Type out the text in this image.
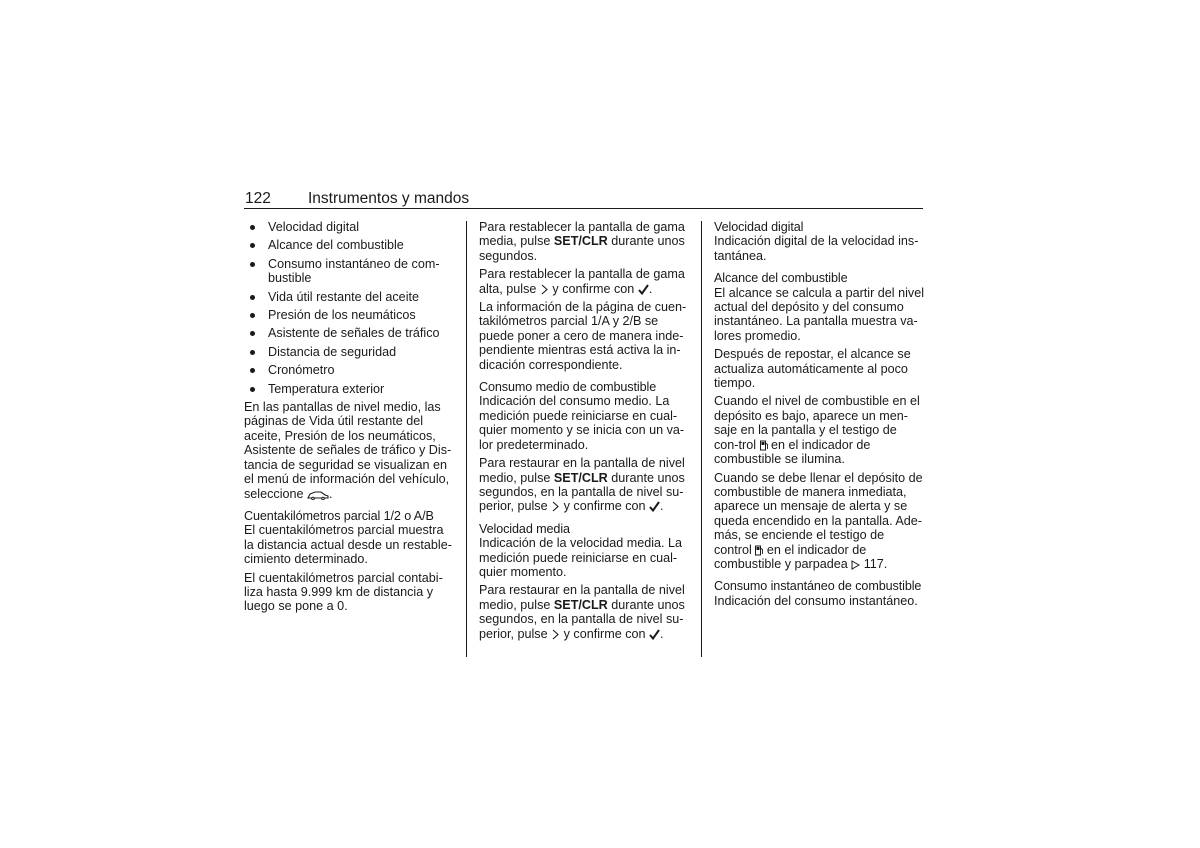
122 Instrumentos y mandos
Velocidad digital
Alcance del combustible
Consumo instantáneo de com-
bustible
Vida útil restante del aceite
Presión de los neumáticos
Asistente de señales de tráfico
Distancia de seguridad
Cronómetro
Temperatura exterior

En las pantallas de nivel medio, las páginas de Vida útil restante del aceite, Presión de los neumáticos, Asistente de señales de tráfico y Dis-tancia de seguridad se visualizan en el menú de información del vehículo, seleccione .

Cuentakilómetros parcial 1/2 o A/B

El cuentakilómetros parcial muestra la distancia actual desde un restable-cimiento determinado.

El cuentakilómetros parcial contabi-liza hasta 9.999 km de distancia y luego se pone a 0.

Para restablecer la pantalla de gama media, pulse SET/CLR durante unos segundos.

Para restablecer la pantalla de gama alta, pulse y confirme con .

La información de la página de cuen-takilómetros parcial 1/A y 2/B se puede poner a cero de manera inde-pendiente mientras está activa la in-dicación correspondiente.

Consumo medio de combustible

Indicación del consumo medio. La medición puede reiniciarse en cual-quier momento y se inicia con un va-lor predeterminado.

Para restaurar en la pantalla de nivel medio, pulse SET/CLR durante unos segundos, en la pantalla de nivel su-perior, pulse y confirme con .

Velocidad media

Indicación de la velocidad media. La medición puede reiniciarse en cual-quier momento.

Para restaurar en la pantalla de nivel medio, pulse SET/CLR durante unos segundos, en la pantalla de nivel su-perior, pulse y confirme con .

Velocidad digital

Indicación digital de la velocidad ins-tantánea.

Alcance del combustible

El alcance se calcula a partir del nivel actual del depósito y del consumo instantáneo. La pantalla muestra va-lores promedio.

Después de repostar, el alcance se actualiza automáticamente al poco tiempo.

Cuando el nivel de combustible en el depósito es bajo, aparece un men-saje en la pantalla y el testigo de con-trol en el indicador de combustible se ilumina.

Cuando se debe llenar el depósito de combustible de manera inmediata, aparece un mensaje de alerta y se queda encendido en la pantalla. Ade-más, se enciende el testigo de control en el indicador de combustible y parpadea 117.

Consumo instantáneo de combustible

Indicación del consumo instantáneo.
